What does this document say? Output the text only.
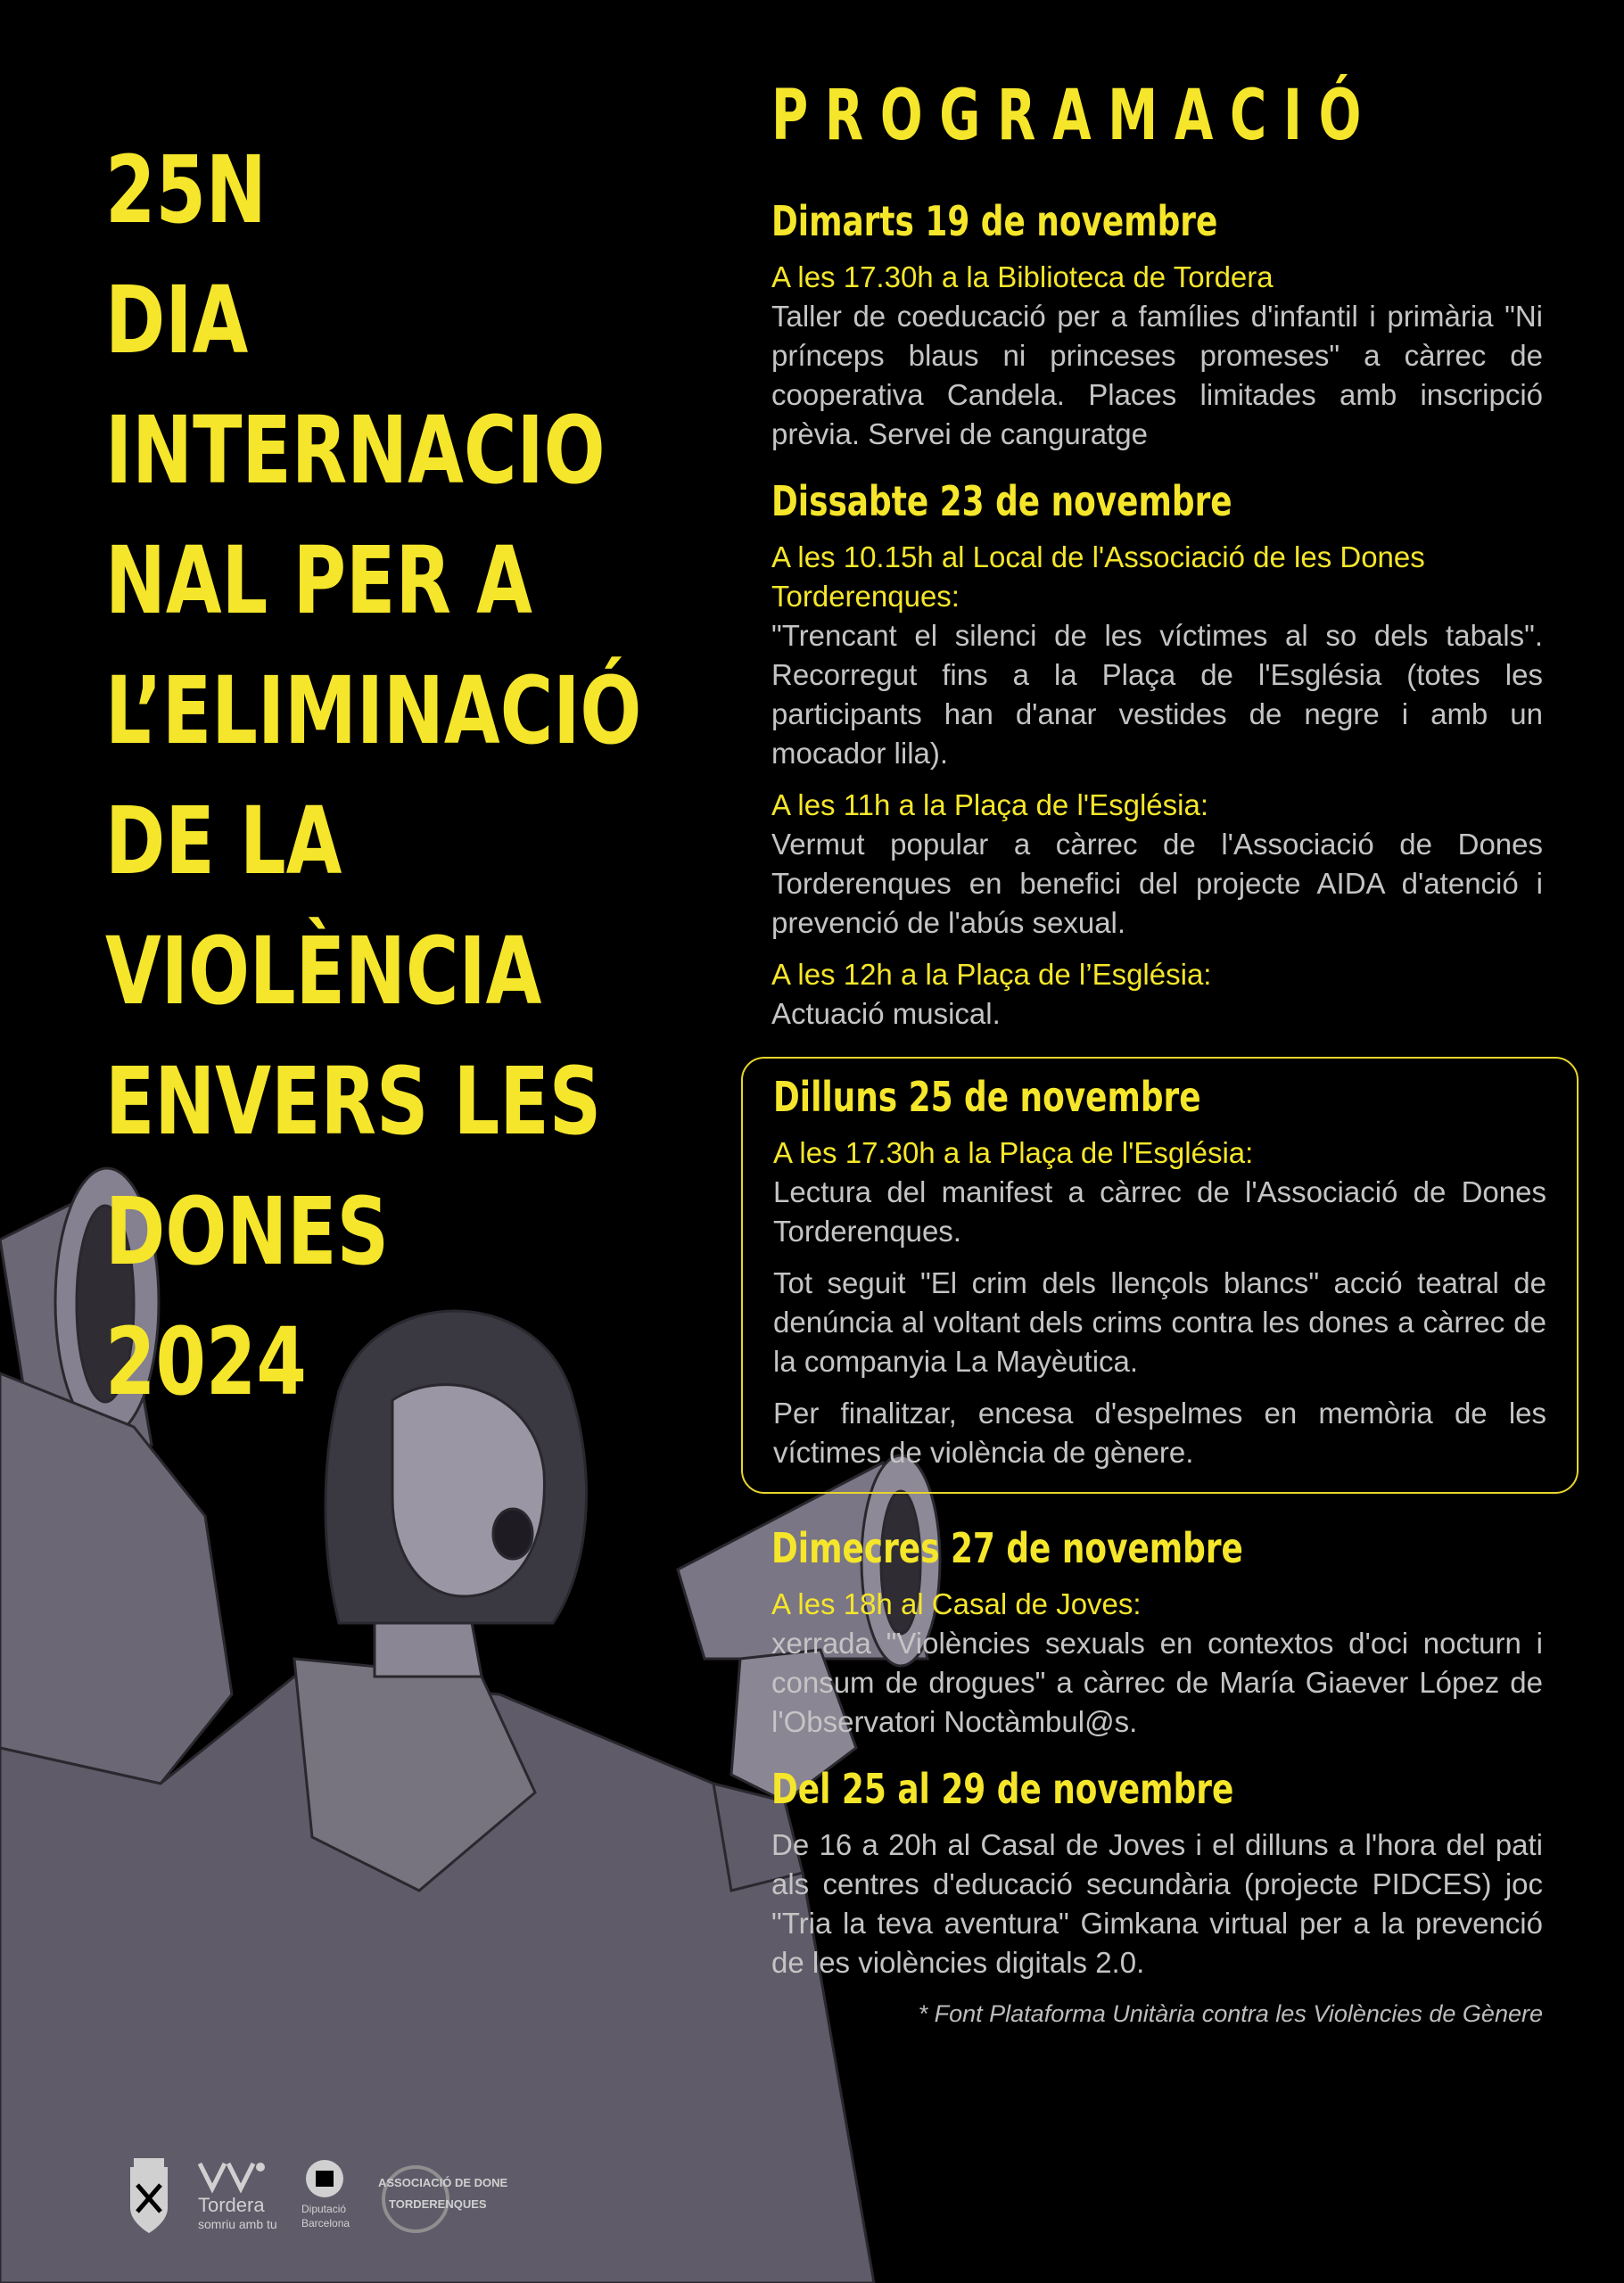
25N
DIA
INTERNACIO
NAL PER A
L’ELIMINACIÓ
DE LA
VIOLÈNCIA
ENVERS LES
DONES
2024
PROGRAMACIÓ
Dimarts 19 de novembre

A les 17.30h a la Biblioteca de Tordera

Taller de coeducació per a famílies d'infantil i primària "Ni prínceps blaus ni princeses promeses" a càrrec de cooperativa Candela. Places limitades amb inscripció prèvia. Servei de canguratge

Dissabte 23 de novembre

A les 10.15h al Local de l'Associació de les Dones Torderenques:

"Trencant el silenci de les víctimes al so dels tabals". Recorregut fins a la Plaça de l'Església (totes les participants han d'anar vestides de negre i amb un mocador lila).

A les 11h a la Plaça de l'Església:

Vermut popular a càrrec de l'Associació de Dones Torderenques en benefici del projecte AIDA d'atenció i prevenció de l'abús sexual.

A les 12h a la Plaça de l’Església:

Actuació musical.

Dilluns 25 de novembre

A les 17.30h a la Plaça de l'Església:

Lectura del manifest a càrrec de l'Associació de Dones Torderenques.

Tot seguit "El crim dels llençols blancs" acció teatral de denúncia al voltant dels crims contra les dones a càrrec de la companyia La Mayèutica.

Per finalitzar, encesa d'espelmes en memòria de les víctimes de violència de gènere.

Dimecres 27 de novembre

A les 18h al Casal de Joves:

xerrada "Violències sexuals en contextos d'oci nocturn i consum de drogues" a càrrec de María Giaever López de l'Observatori Noctàmbul@s.

Del 25 al 29 de novembre

De 16 a 20h al Casal de Joves i el dilluns a l'hora del pati als centres d'educació secundària (projecte PIDCES) joc "Tria la teva aventura" Gimkana virtual per a la prevenció de les violències digitals 2.0.

* Font Plataforma Unitària contra les Violències de Gènere
Tordera
somriu amb tu
Diputació
Barcelona
ASSOCIACIÓ DE DONE
TORDERENQUES
